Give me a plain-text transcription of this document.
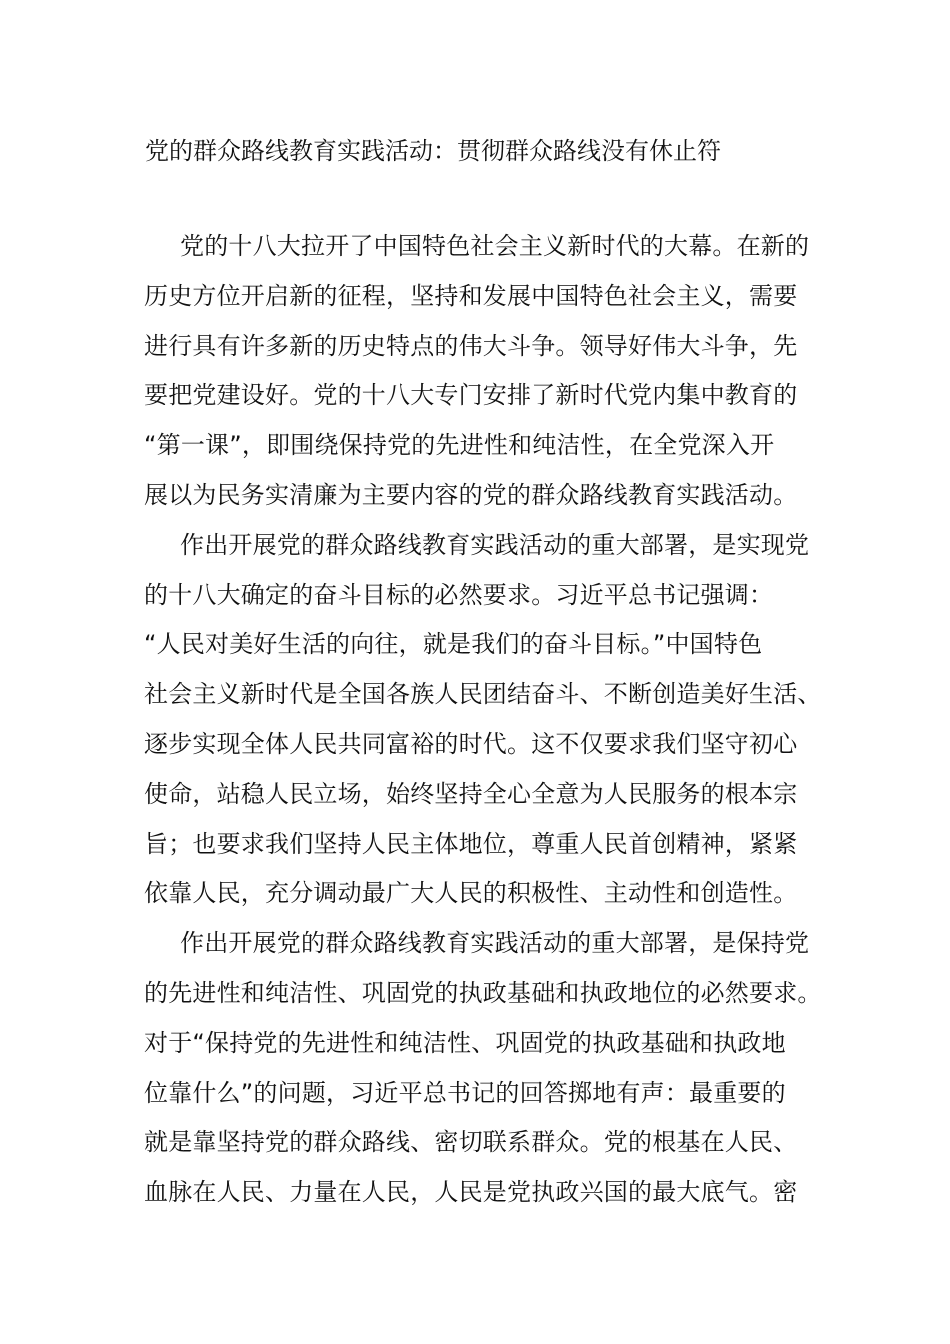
党的群众路线教育实践活动：贯彻群众路线没有休止符
党的十八大拉开了中国特色社会主义新时代的大幕。在新的
历史方位开启新的征程，坚持和发展中国特色社会主义，需要
进行具有许多新的历史特点的伟大斗争。领导好伟大斗争，先
要把党建设好。党的十八大专门安排了新时代党内集中教育的
“第一课”，即围绕保持党的先进性和纯洁性，在全党深入开
展以为民务实清廉为主要内容的党的群众路线教育实践活动。
作出开展党的群众路线教育实践活动的重大部署，是实现党
的十八大确定的奋斗目标的必然要求。习近平总书记强调：
“人民对美好生活的向往，就是我们的奋斗目标。”中国特色
社会主义新时代是全国各族人民团结奋斗、不断创造美好生活、
逐步实现全体人民共同富裕的时代。这不仅要求我们坚守初心
使命，站稳人民立场，始终坚持全心全意为人民服务的根本宗
旨；也要求我们坚持人民主体地位，尊重人民首创精神，紧紧
依靠人民，充分调动最广大人民的积极性、主动性和创造性。
作出开展党的群众路线教育实践活动的重大部署，是保持党
的先进性和纯洁性、巩固党的执政基础和执政地位的必然要求。
对于“保持党的先进性和纯洁性、巩固党的执政基础和执政地
位靠什么”的问题，习近平总书记的回答掷地有声：最重要的
就是靠坚持党的群众路线、密切联系群众。党的根基在人民、
血脉在人民、力量在人民，人民是党执政兴国的最大底气。密
